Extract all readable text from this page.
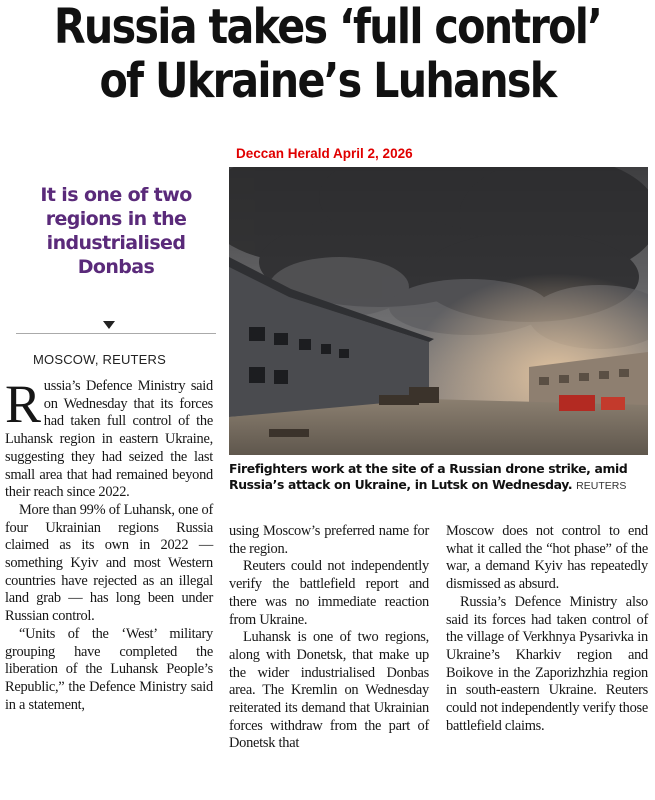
Russia takes ‘full control’
of Ukraine’s Luhansk
Deccan Herald April 2, 2026
It is one of two regions in the industrialised Donbas
MOSCOW, REUTERS
Firefighters work at the site of a Russian drone strike, amid Russia’s attack on Ukraine, in Lutsk on Wednesday. REUTERS

Russia’s Defence Ministry said on Wednesday that its forces had taken full control of the Luhansk region in eastern Ukraine, suggesting they had seized the last small area that had remained beyond their reach since 2022.

More than 99% of Luhansk, one of four Ukrainian regions Russia claimed as its own in 2022 — something Kyiv and most Western countries have rejected as an illegal land grab — has long been under Russian control.

“Units of the ‘West’ military grouping have completed the liberation of the Luhansk People’s Republic,” the Defence Ministry said in a statement,

using Moscow’s preferred name for the region.

Reuters could not independently verify the battlefield report and there was no immediate reaction from Ukraine.

Luhansk is one of two regions, along with Donetsk, that make up the wider industrialised Donbas area. The Kremlin on Wednesday reiterated its demand that Ukrainian forces withdraw from the part of Donetsk that

Moscow does not control to end what it called the “hot phase” of the war, a demand Kyiv has repeatedly dismissed as absurd.

Russia’s Defence Ministry also said its forces had taken control of the village of Verkhnya Pysarivka in Ukraine’s Kharkiv region and Boikove in the Zaporizhzhia region in south-eastern Ukraine. Reuters could not independently verify those battlefield claims.
